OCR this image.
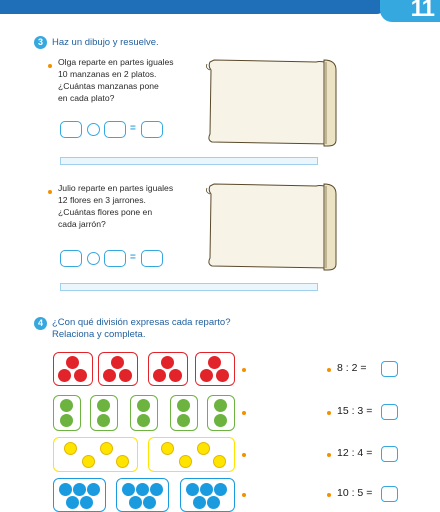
11
3 Haz un dibujo y resuelve.
Olga reparte en partes iguales
10 manzanas en 2 platos.
¿Cuántas manzanas pone
en cada plato?
=
Julio reparte en partes iguales
12 flores en 3 jarrones.
¿Cuántas flores pone en
cada jarrón?
=
4 ¿Con qué división expresas cada reparto?
Relaciona y completa.
8 : 2 =
15 : 3 =
12 : 4 =
10 : 5 =
